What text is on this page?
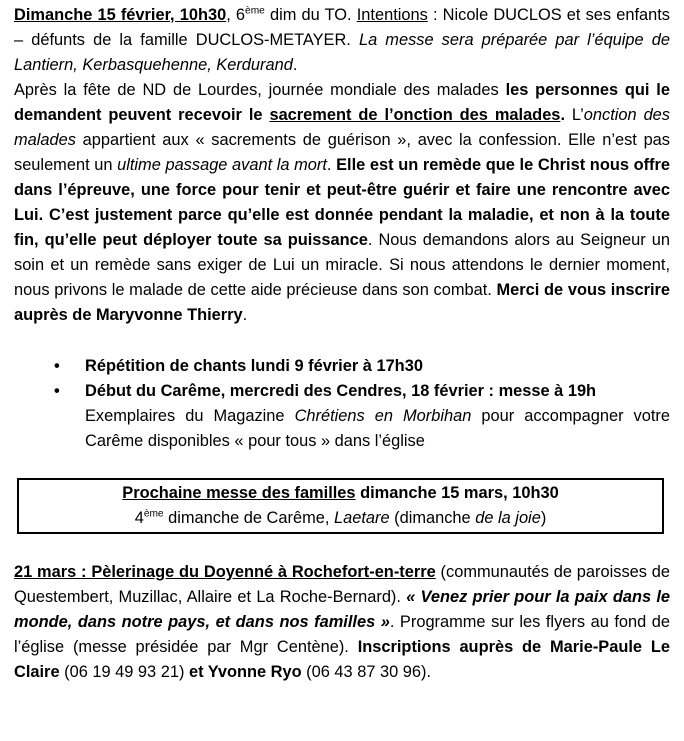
Dimanche 15 février, 10h30, 6ème dim du TO. Intentions : Nicole DUCLOS et ses enfants – défunts de la famille DUCLOS-METAYER. La messe sera préparée par l’équipe de Lantiern, Kerbasquehenne, Kerdurand.

Après la fête de ND de Lourdes, journée mondiale des malades les personnes qui le demandent peuvent recevoir le sacrement de l’onction des malades. L’onction des malades appartient aux « sacrements de guérison », avec la confession. Elle n’est pas seulement un ultime passage avant la mort. Elle est un remède que le Christ nous offre dans l’épreuve, une force pour tenir et peut-être guérir et faire une rencontre avec Lui. C’est justement parce qu’elle est donnée pendant la maladie, et non à la toute fin, qu’elle peut déployer toute sa puissance. Nous demandons alors au Seigneur un soin et un remède sans exiger de Lui un miracle. Si nous attendons le dernier moment, nous privons le malade de cette aide précieuse dans son combat. Merci de vous inscrire auprès de Maryvonne Thierry.

• Répétition de chants lundi 9 février à 17h30
• Début du Carême, mercredi des Cendres, 18 février : messe à 19h
Exemplaires du Magazine Chrétiens en Morbihan pour accompagner votre Carême disponibles « pour tous » dans l’église
Prochaine messe des familles dimanche 15 mars, 10h30
4ème dimanche de Carême, Laetare (dimanche de la joie)

21 mars : Pèlerinage du Doyenné à Rochefort-en-terre (communautés de paroisses de Questembert, Muzillac, Allaire et La Roche-Bernard). « Venez prier pour la paix dans le monde, dans notre pays, et dans nos familles ». Programme sur les flyers au fond de l’église (messe présidée par Mgr Centène). Inscriptions auprès de Marie-Paule Le Claire (06 19 49 93 21) et Yvonne Ryo (06 43 87 30 96).
